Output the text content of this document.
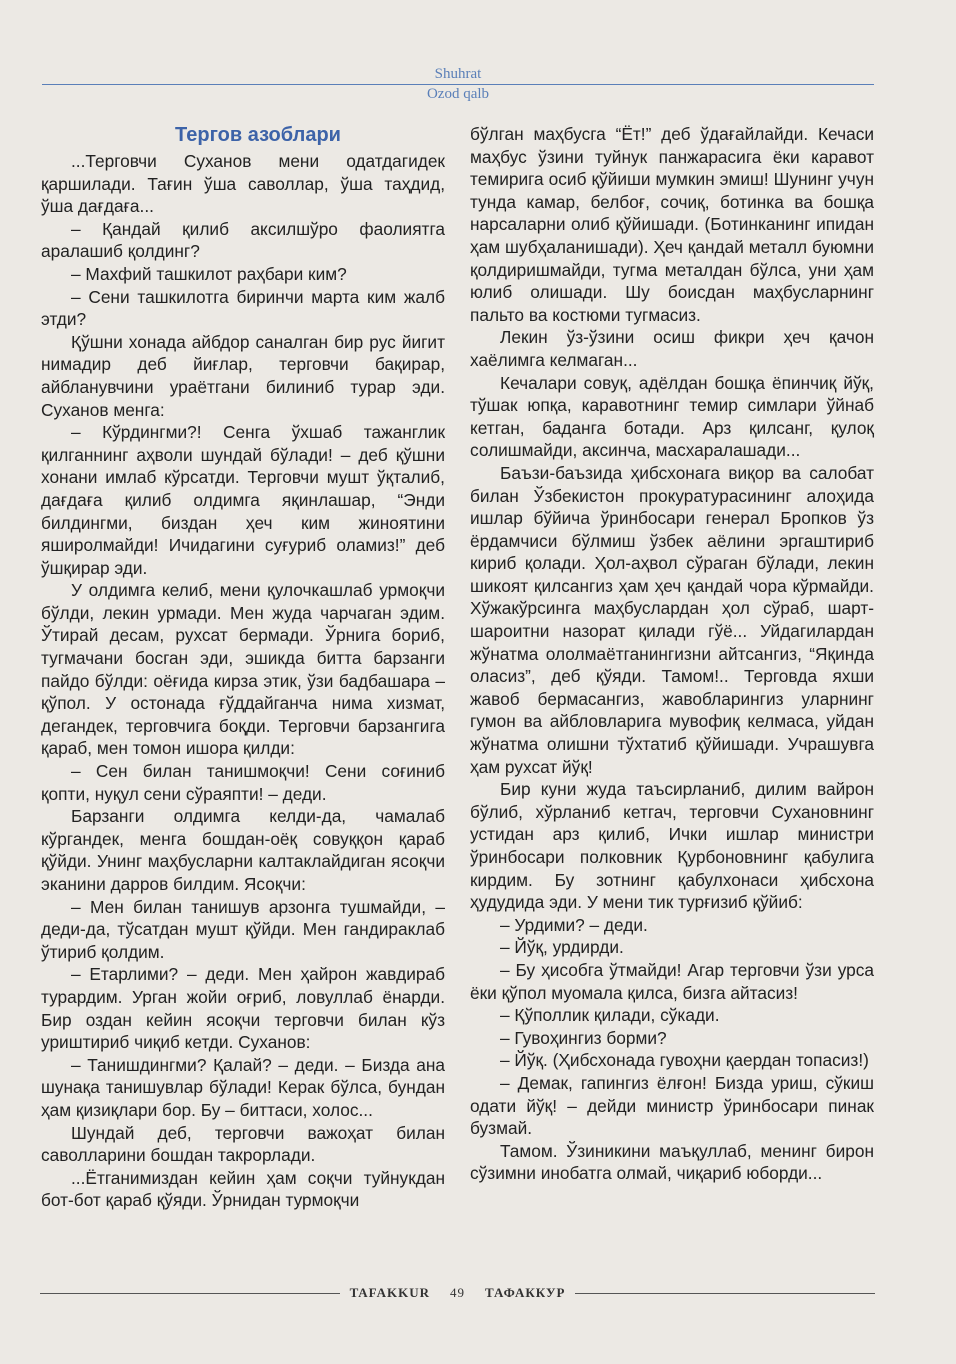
Shuhrat
Ozod qalb

Тергов азоблари

...Терговчи Суханов мени одатдагидек қаршилади. Тағин ўша саволлар, ўша таҳдид, ўша дағдаға...

– Қандай қилиб аксилшўро фаолиятга аралашиб қолдинг?

– Махфий ташкилот раҳбари ким?

– Сени ташкилотга биринчи марта ким жалб этди?

Қўшни хонада айбдор саналган бир рус йигит нимадир деб йиғлар, терговчи бақирар, айбланувчини ураётгани билиниб турар эди. Суханов менга:

– Кўрдингми?! Сенга ўхшаб тажанглик қилганнинг аҳволи шундай бўлади! – деб қўшни хонани имлаб кўрсатди. Терговчи мушт ўқталиб, дағдаға қилиб олдимга яқинлашар, “Энди билдингми, биздан ҳеч ким жиноятини яширолмайди! Ичидагини суғуриб оламиз!” деб ўшқирар эди.

У олдимга келиб, мени қулочкашлаб урмоқчи бўлди, лекин урмади. Мен жуда чарчаган эдим. Ўтирай десам, рухсат бермади. Ўрнига бориб, тугмачани босган эди, эшикда битта барзанги пайдо бўлди: оёғида кирза этик, ўзи бадбашара – қўпол. У остонада ғўддайганча нима хизмат, дегандек, терговчига боқди. Терговчи барзангига қараб, мен томон ишора қилди:

– Сен билан танишмоқчи! Сени соғиниб қопти, нуқул сени сўраяпти! – деди.

Барзанги олдимга келди-да, чамалаб кўргандек, менга бошдан-оёқ совуққон қараб қўйди. Унинг маҳбусларни калтаклайдиган ясоқчи эканини дарров билдим. Ясоқчи:

– Мен билан танишув арзонга тушмайди, – деди-да, тўсатдан мушт қўйди. Мен гандираклаб ўтириб қолдим.

– Етарлими? – деди. Мен ҳайрон жавдираб турардим. Урган жойи оғриб, ловуллаб ёнарди. Бир оздан кейин ясоқчи терговчи билан кўз уриштириб чиқиб кетди. Суханов:

– Танишдингми? Қалай? – деди. – Бизда ана шунақа танишувлар бўлади! Керак бўлса, бундан ҳам қизиқлари бор. Бу – биттаси, холос...

Шундай деб, терговчи важоҳат билан саволларини бошдан такрорлади.

...Ётганимиздан кейин ҳам соқчи туйнукдан бот-бот қараб қўяди. Ўрнидан турмоқчи

бўлган маҳбусга “Ёт!” деб ўдағайлайди. Кечаси маҳбус ўзини туйнук панжарасига ёки каравот темирига осиб қўйиши мумкин эмиш! Шунинг учун тунда камар, белбоғ, сочиқ, ботинка ва бошқа нарсаларни олиб қўйишади. (Ботинканинг ипидан ҳам шубҳаланишади). Ҳеч қандай металл буюмни қолдиришмайди, тугма металдан бўлса, уни ҳам юлиб олишади. Шу боисдан маҳбусларнинг пальто ва костюми тугмасиз.

Лекин ўз-ўзини осиш фикри ҳеч қачон хаёлимга келмаган...

Кечалари совуқ, адёлдан бошқа ёпинчиқ йўқ, тўшак юпқа, каравотнинг темир симлари ўйнаб кетган, баданга ботади. Арз қилсанг, қулоқ солишмайди, аксинча, масхаралашади...

Баъзи-баъзида ҳибсхонага виқор ва салобат билан Ўзбекистон прокуратурасининг алоҳида ишлар бўйича ўринбосари генерал Бропков ўз ёрдамчиси бўлмиш ўзбек аёлини эргаштириб кириб қолади. Ҳол-аҳвол сўраган бўлади, лекин шикоят қилсангиз ҳам ҳеч қандай чора кўрмайди. Хўжакўрсинга маҳбуслардан ҳол сўраб, шарт-шароитни назорат қилади гўё... Уйдагилардан жўнатма ололмаётганингизни айтсангиз, “Яқинда оласиз”, деб қўяди. Тамом!.. Терговда яхши жавоб бермасангиз, жавобларингиз уларнинг гумон ва айбловларига мувофиқ келмаса, уйдан жўнатма олишни тўхтатиб қўйишади. Учрашувга ҳам рухсат йўқ!

Бир куни жуда таъсирланиб, дилим вайрон бўлиб, хўрланиб кетгач, терговчи Сухановнинг устидан арз қилиб, Ички ишлар министри ўринбосари полковник Қурбоновнинг қабулига кирдим. Бу зотнинг қабулхонаси ҳибсхона ҳудудида эди. У мени тик турғизиб қўйиб:

– Урдими? – деди.

– Йўқ, урдирди.

– Бу ҳисобга ўтмайди! Агар терговчи ўзи урса ёки қўпол муомала қилса, бизга айтасиз!

– Қўполлик қилади, сўкади.

– Гувоҳингиз борми?

– Йўқ. (Ҳибсхонада гувоҳни қаердан топасиз!)

– Демак, гапингиз ёлғон! Бизда уриш, сўкиш одати йўқ! – дейди министр ўринбосари пинак бузмай.

Тамом. Ўзиникини маъқуллаб, менинг бирон сўзимни инобатга олмай, чиқариб юборди...

TAFAKKUR	49	ТАФАККУР
